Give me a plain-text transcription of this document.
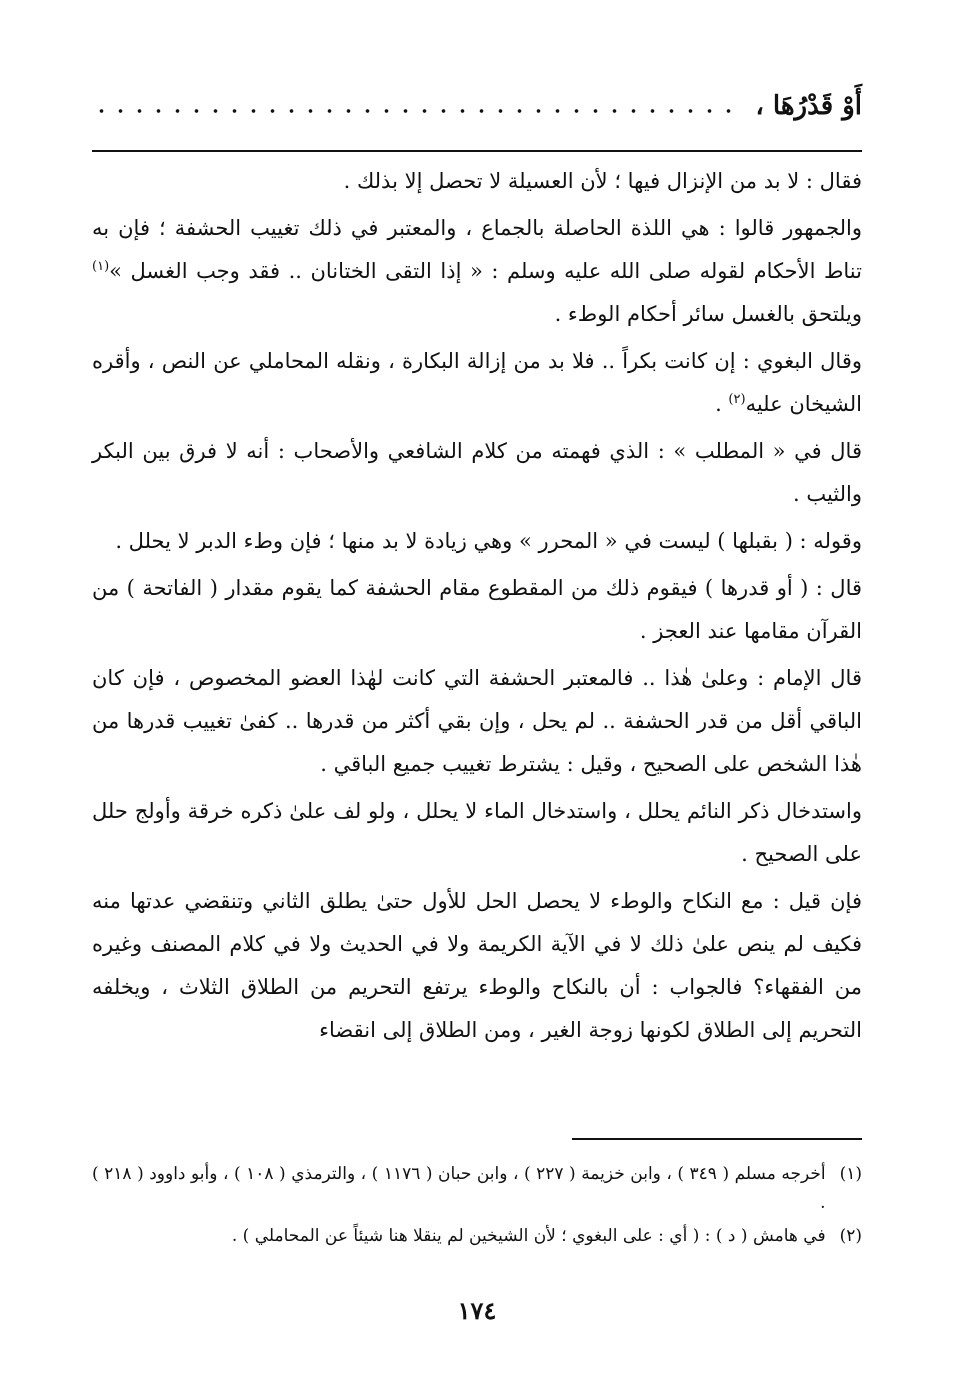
أَوْ قَدْرُهَا ،

فقال : لا بد من الإنزال فيها ؛ لأن العسيلة لا تحصل إلا بذلك .

والجمهور قالوا : هي اللذة الحاصلة بالجماع ، والمعتبر في ذلك تغييب الحشفة ؛ فإن به تناط الأحكام لقوله صلى الله عليه وسلم : « إذا التقى الختانان .. فقد وجب الغسل »$^{(١)}$ ويلتحق بالغسل سائر أحكام الوطء .

وقال البغوي : إن كانت بكراً .. فلا بد من إزالة البكارة ، ونقله المحاملي عن النص ، وأقره الشيخان عليه$^{(٢)}$ .

قال في « المطلب » : الذي فهمته من كلام الشافعي والأصحاب : أنه لا فرق بين البكر والثيب .

وقوله : ( بقبلها ) ليست في « المحرر » وهي زيادة لا بد منها ؛ فإن وطء الدبر لا يحلل .

قال : ( أو قدرها ) فيقوم ذلك من المقطوع مقام الحشفة كما يقوم مقدار ( الفاتحة ) من القرآن مقامها عند العجز .

قال الإمام : وعلىٰ هٰذا .. فالمعتبر الحشفة التي كانت لهٰذا العضو المخصوص ، فإن كان الباقي أقل من قدر الحشفة .. لم يحل ، وإن بقي أكثر من قدرها .. كفىٰ تغييب قدرها من هٰذا الشخص على الصحيح ، وقيل : يشترط تغييب جميع الباقي .

واستدخال ذكر النائم يحلل ، واستدخال الماء لا يحلل ، ولو لف علىٰ ذكره خرقة وأولج حلل على الصحيح .

فإن قيل : مع النكاح والوطء لا يحصل الحل للأول حتىٰ يطلق الثاني وتنقضي عدتها منه فكيف لم ينص علىٰ ذلك لا في الآية الكريمة ولا في الحديث ولا في كلام المصنف وغيره من الفقهاء؟ فالجواب : أن بالنكاح والوطء يرتفع التحريم من الطلاق الثلاث ، ويخلفه التحريم إلى الطلاق لكونها زوجة الغير ، ومن الطلاق إلى انقضاء

(١)
أخرجه مسلم ( ٣٤٩ ) ، وابن خزيمة ( ٢٢٧ ) ، وابن حبان ( ١١٧٦ ) ، والترمذي ( ١٠٨ ) ، وأبو داوود ( ٢١٨ ) .
(٢)
في هامش ( د ) : ( أي : على البغوي ؛ لأن الشيخين لم ينقلا هنا شيئاً عن المحاملي ) .
١٧٤
